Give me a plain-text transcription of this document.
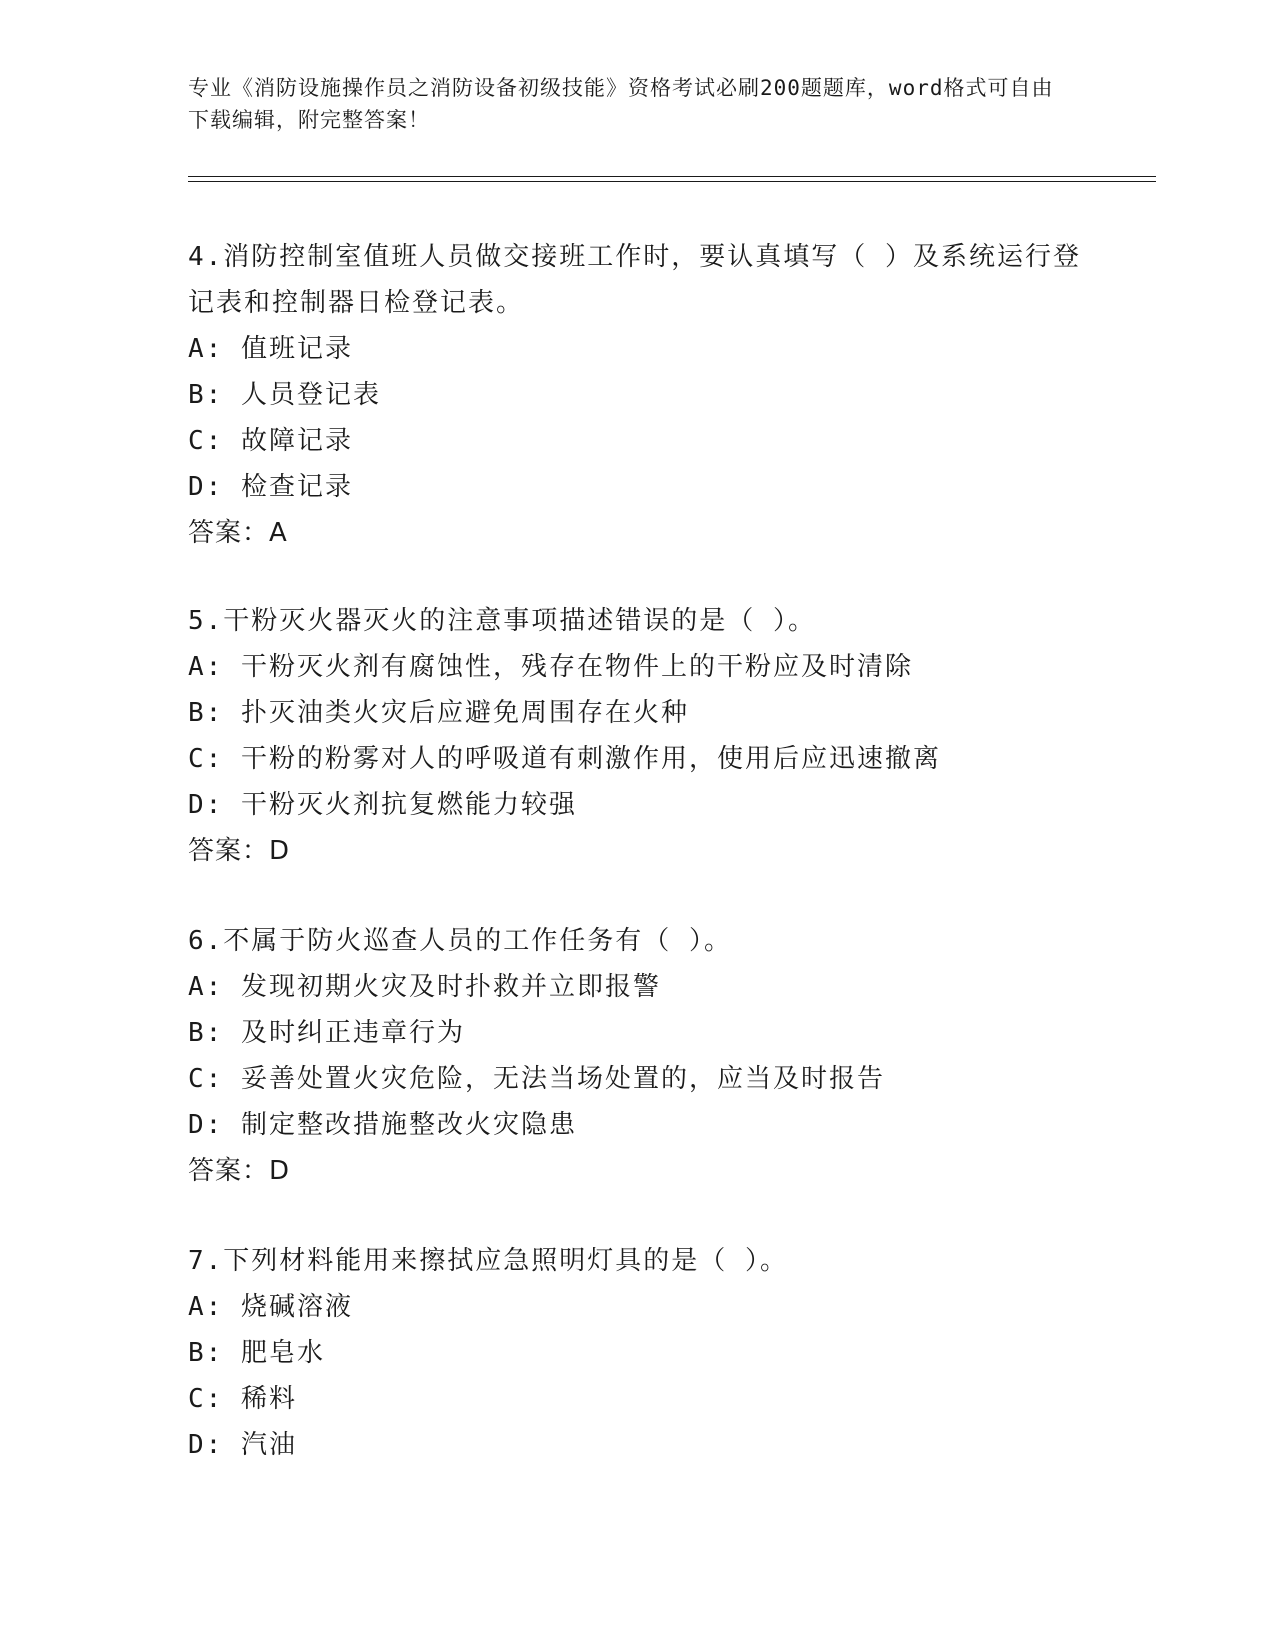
专业《消防设施操作员之消防设备初级技能》资格考试必刷200题题库，word格式可自由下载编辑，附完整答案！

4.消防控制室值班人员做交接班工作时，要认真填写（ ）及系统运行登记表和控制器日检登记表。

A: 值班记录

B: 人员登记表

C: 故障记录

D: 检查记录

答案：A

5.干粉灭火器灭火的注意事项描述错误的是（ ）。

A: 干粉灭火剂有腐蚀性，残存在物件上的干粉应及时清除

B: 扑灭油类火灾后应避免周围存在火种

C: 干粉的粉雾对人的呼吸道有刺激作用，使用后应迅速撤离

D: 干粉灭火剂抗复燃能力较强

答案：D

6.不属于防火巡查人员的工作任务有（ ）。

A: 发现初期火灾及时扑救并立即报警

B: 及时纠正违章行为

C: 妥善处置火灾危险，无法当场处置的，应当及时报告

D: 制定整改措施整改火灾隐患

答案：D

7.下列材料能用来擦拭应急照明灯具的是（ ）。

A: 烧碱溶液

B: 肥皂水

C: 稀料

D: 汽油
